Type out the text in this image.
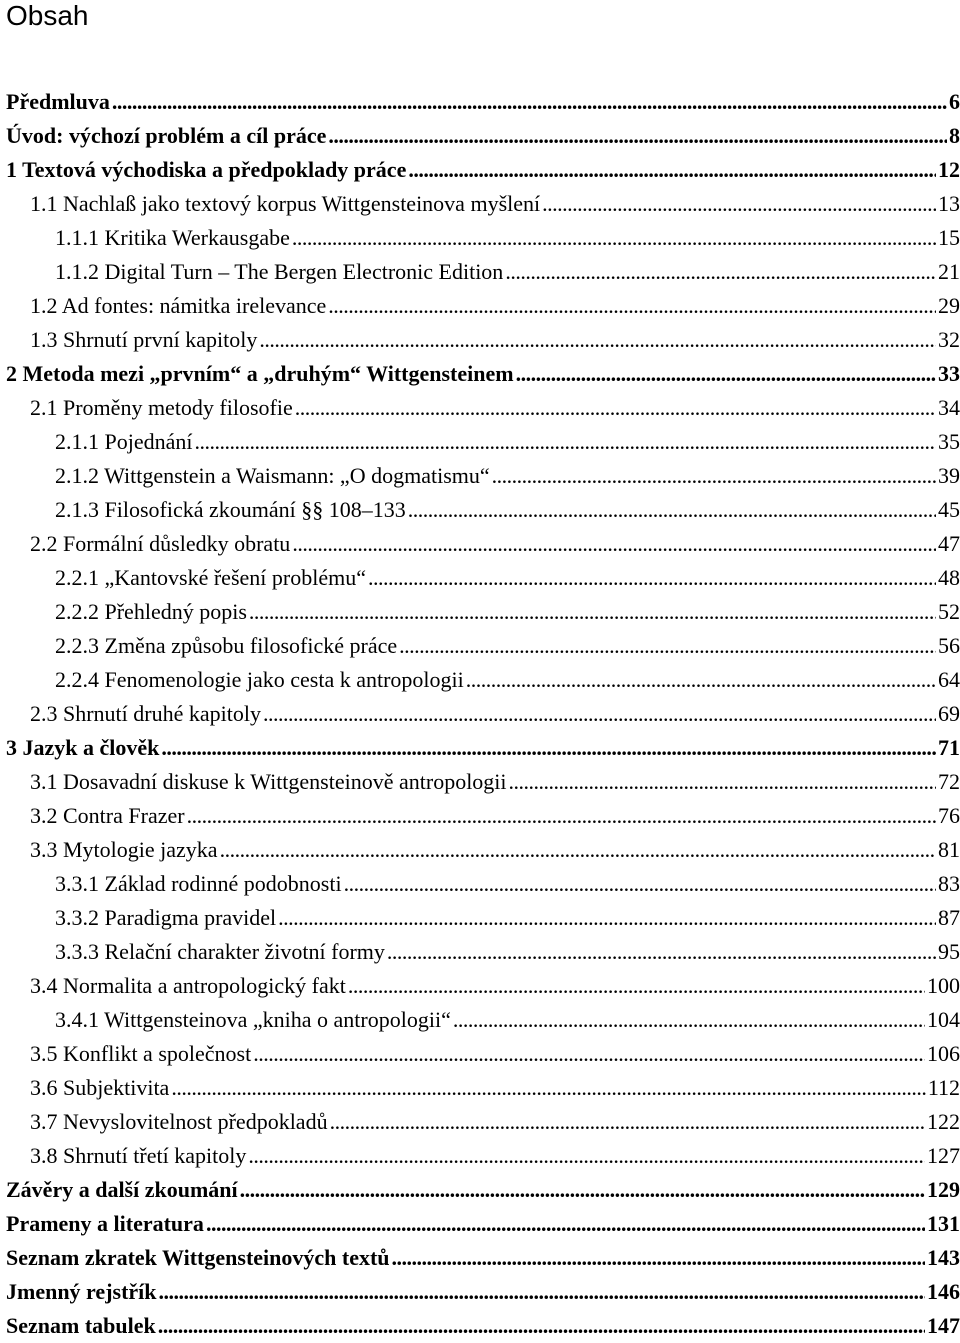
Obsah
Předmluva . . .	6
Úvod: výchozí problém a cíl práce . . .	8
1 Textová východiska a předpoklady práce . . .	12
1.1 Nachlaß jako textový korpus Wittgensteinova myšlení . . .	13
1.1.1 Kritika Werkausgabe . . .	15
1.1.2 Digital Turn – The Bergen Electronic Edition . . .	21
1.2 Ad fontes: námitka irelevance . . .	29
1.3 Shrnutí první kapitoly . . .	32
2 Metoda mezi „prvním“ a „druhým“ Wittgensteinem . . .	33
2.1 Proměny metody filosofie . . .	34
2.1.1 Pojednání . . .	35
2.1.2 Wittgenstein a Waismann: „O dogmatismu“ . . .	39
2.1.3 Filosofická zkoumání §§ 108–133 . . .	45
2.2 Formální důsledky obratu . . .	47
2.2.1 „Kantovské řešení problému“ . . .	48
2.2.2 Přehledný popis . . .	52
2.2.3 Změna způsobu filosofické práce . . .	56
2.2.4 Fenomenologie jako cesta k antropologii . . .	64
2.3 Shrnutí druhé kapitoly . . .	69
3 Jazyk a člověk . . .	71
3.1 Dosavadní diskuse k Wittgensteinově antropologii . . .	72
3.2 Contra Frazer . . .	76
3.3 Mytologie jazyka . . .	81
3.3.1 Základ rodinné podobnosti . . .	83
3.3.2 Paradigma pravidel . . .	87
3.3.3 Relační charakter životní formy . . .	95
3.4 Normalita a antropologický fakt . . .	100
3.4.1 Wittgensteinova „kniha o antropologii“ . . .	104
3.5 Konflikt a společnost . . .	106
3.6 Subjektivita . . .	112
3.7 Nevyslovitelnost předpokladů . . .	122
3.8 Shrnutí třetí kapitoly . . .	127
Závěry a další zkoumání . . .	129
Prameny a literatura . . .	131
Seznam zkratek Wittgensteinových textů . . .	143
Jmenný rejstřík . . .	146
Seznam tabulek . . .	147
